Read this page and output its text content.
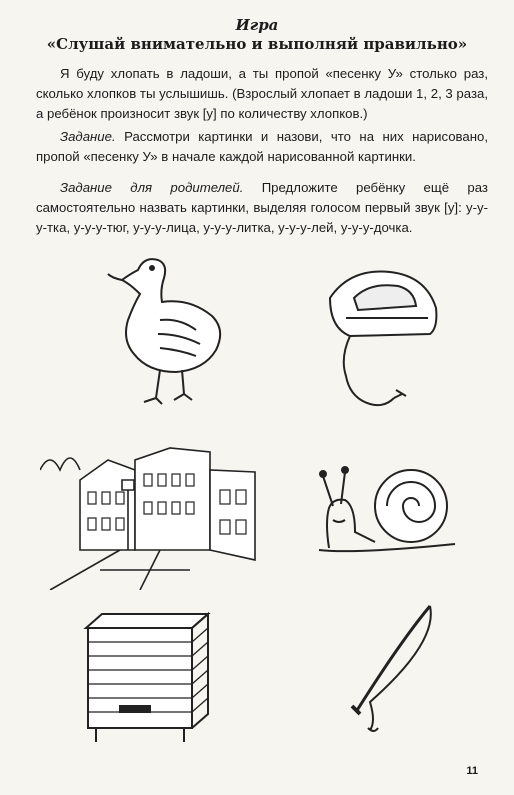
Игра
«Слушай внимательно и выполняй правильно»

Я буду хлопать в ладоши, а ты пропой «песенку У» столько раз, сколько хлопков ты услышишь. (Взрослый хлопает в ладоши 1, 2, 3 раза, а ребёнок произносит звук [у] по количеству хлопков.)

Задание. Рассмотри картинки и назови, что на них нарисовано, пропой «песенку У» в начале каждой нарисованной картинки.

Задание для родителей. Предложите ребёнку ещё раз самостоятельно назвать картинки, выделяя голосом первый звук [у]: у-у-у-тка, у-у-у-тюг, у-у-у-лица, у-у-у-литка, у-у-у-лей, у-у-у-дочка.

11
